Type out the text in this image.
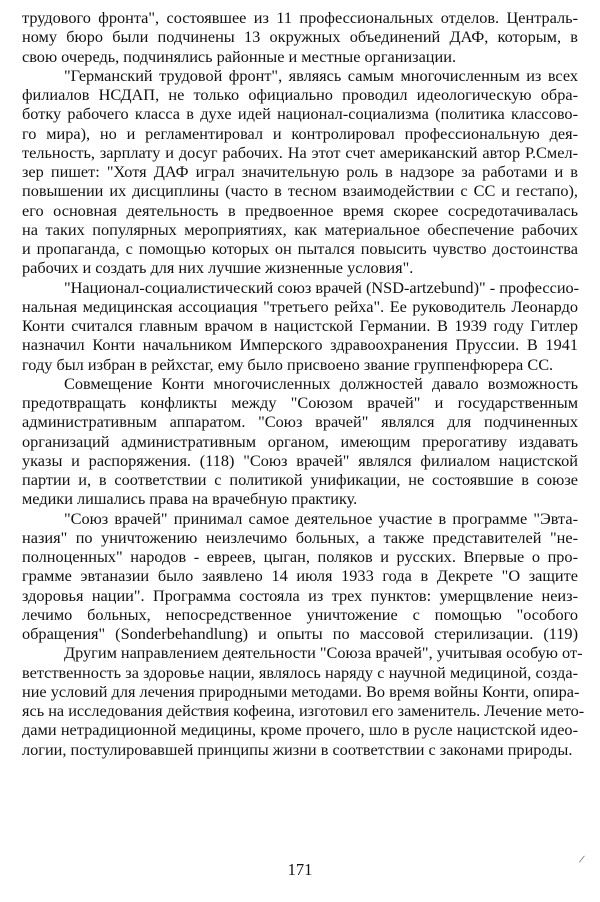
трудового фронта", состоявшее из 11 профессиональных отделов. Централь-
ному бюро были подчинены 13 окружных объединений ДАФ, которым, в
свою очередь, подчинялись районные и местные организации.
"Германский трудовой фронт", являясь самым многочисленным из всех
филиалов НСДАП, не только официально проводил идеологическую обра-
ботку рабочего класса в духе идей национал-социализма (политика классово-
го мира), но и регламентировал и контролировал профессиональную дея-
тельность, зарплату и досуг рабочих. На этот счет американский автор Р.Смел-
зер пишет: "Хотя ДАФ играл значительную роль в надзоре за работами и в
повышении их дисциплины (часто в тесном взаимодействии с СС и гестапо),
его основная деятельность в предвоенное время скорее сосредотачивалась
на таких популярных мероприятиях, как материальное обеспечение рабочих
и пропаганда, с помощью которых он пытался повысить чувство достоинства
рабочих и создать для них лучшие жизненные условия".
"Национал-социалистический союз врачей (NSD-artzebund)" - профессио-
нальная медицинская ассоциация "третьего рейха". Ее руководитель Леонардо
Конти считался главным врачом в нацистской Германии. В 1939 году Гитлер
назначил Конти начальником Имперского здравоохранения Пруссии. В 1941
году был избран в рейхстаг, ему было присвоено звание группенфюрера СС.
Совмещение Конти многочисленных должностей давало возможность
предотвращать конфликты между "Союзом врачей" и государственным
административным аппаратом. "Союз врачей" являлся для подчиненных
организаций административным органом, имеющим прерогативу издавать
указы и распоряжения. (118) "Союз врачей" являлся филиалом нацистской
партии и, в соответствии с политикой унификации, не состоявшие в союзе
медики лишались права на врачебную практику.
"Союз врачей" принимал самое деятельное участие в программе "Эвта-
назия" по уничтожению неизлечимо больных, а также представителей "не-
полноценных" народов - евреев, цыган, поляков и русских. Впервые о про-
грамме эвтаназии было заявлено 14 июля 1933 года в Декрете "О защите
здоровья нации". Программа состояла из трех пунктов: умерщвление неиз-
лечимо больных, непосредственное уничтожение с помощью "особого
обращения" (Sonderbehandlung) и опыты по массовой стерилизации. (119)
Другим направлением деятельности "Союза врачей", учитывая особую от-
ветственность за здоровье нации, являлось наряду с научной медициной, созда-
ние условий для лечения природными методами. Во время войны Конти, опира-
ясь на исследования действия кофеина, изготовил его заменитель. Лечение мето-
дами нетрадиционной медицины, кроме прочего, шло в русле нацистской идео-
логии, постулировавшей принципы жизни в соответствии с законами природы.
171
/
